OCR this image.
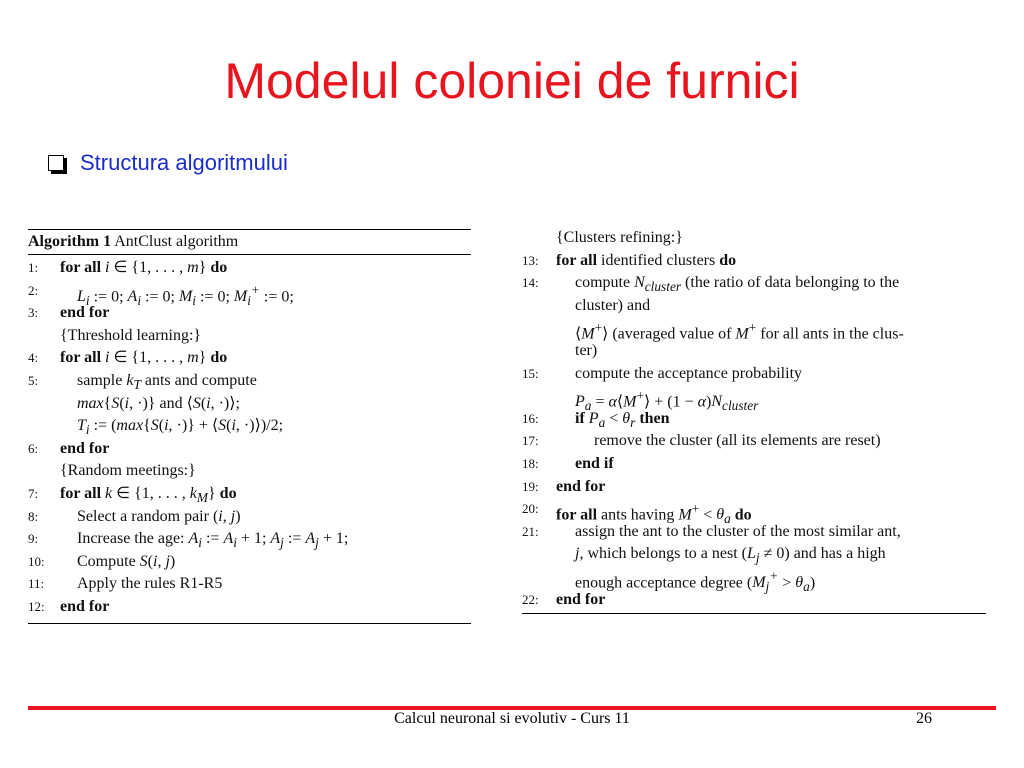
Modelul coloniei de furnici
Structura algoritmului
Algorithm 1 AntClust algorithm
1: for all i ∈ {1, . . . , m} do
2: $L_i$ := 0; $A_i$ := 0; $M_i$ := 0; $M_i^+$ := 0;
3: end for
{Threshold learning:}
4: for all i ∈ {1, . . . , m} do
5: sample $k_T$ ants and compute
max{S(i, ·)} and ⟨S(i, ·)⟩;
$T_i$ := (max{S(i, ·)} + ⟨S(i, ·)⟩)/2;
6: end for
{Random meetings:}
7: for all k ∈ {1, . . . , $k_M$} do
8: Select a random pair (i, j)
9: Increase the age: $A_i$ := $A_i + 1$; $A_j$ := $A_j + 1$;
10: Compute S(i, j)
11: Apply the rules R1-R5
12: end for
{Clusters refining:}
13: for all identified clusters do
14: compute $N_{cluster}$ (the ratio of data belonging to the
cluster) and
⟨M+⟩ (averaged value of M+ for all ants in the clus-
ter)
15: compute the acceptance probability
$P_a$ = α⟨M+⟩ + $(1 - \alpha)N_{cluster}$
16: if $P_a < \theta_r$ then
17:	remove the cluster (all its elements are reset)
18: end if
19: end for
20: for all ants having $M^+ < \theta_a$ do
21: assign the ant to the cluster of the most similar ant,
j, which belongs to a nest $(L_j \ne 0)$ and has a high
enough acceptance degree $(M_j^+ > \theta_a)$
22: end for
Calcul neuronal si evolutiv - Curs 11	26
